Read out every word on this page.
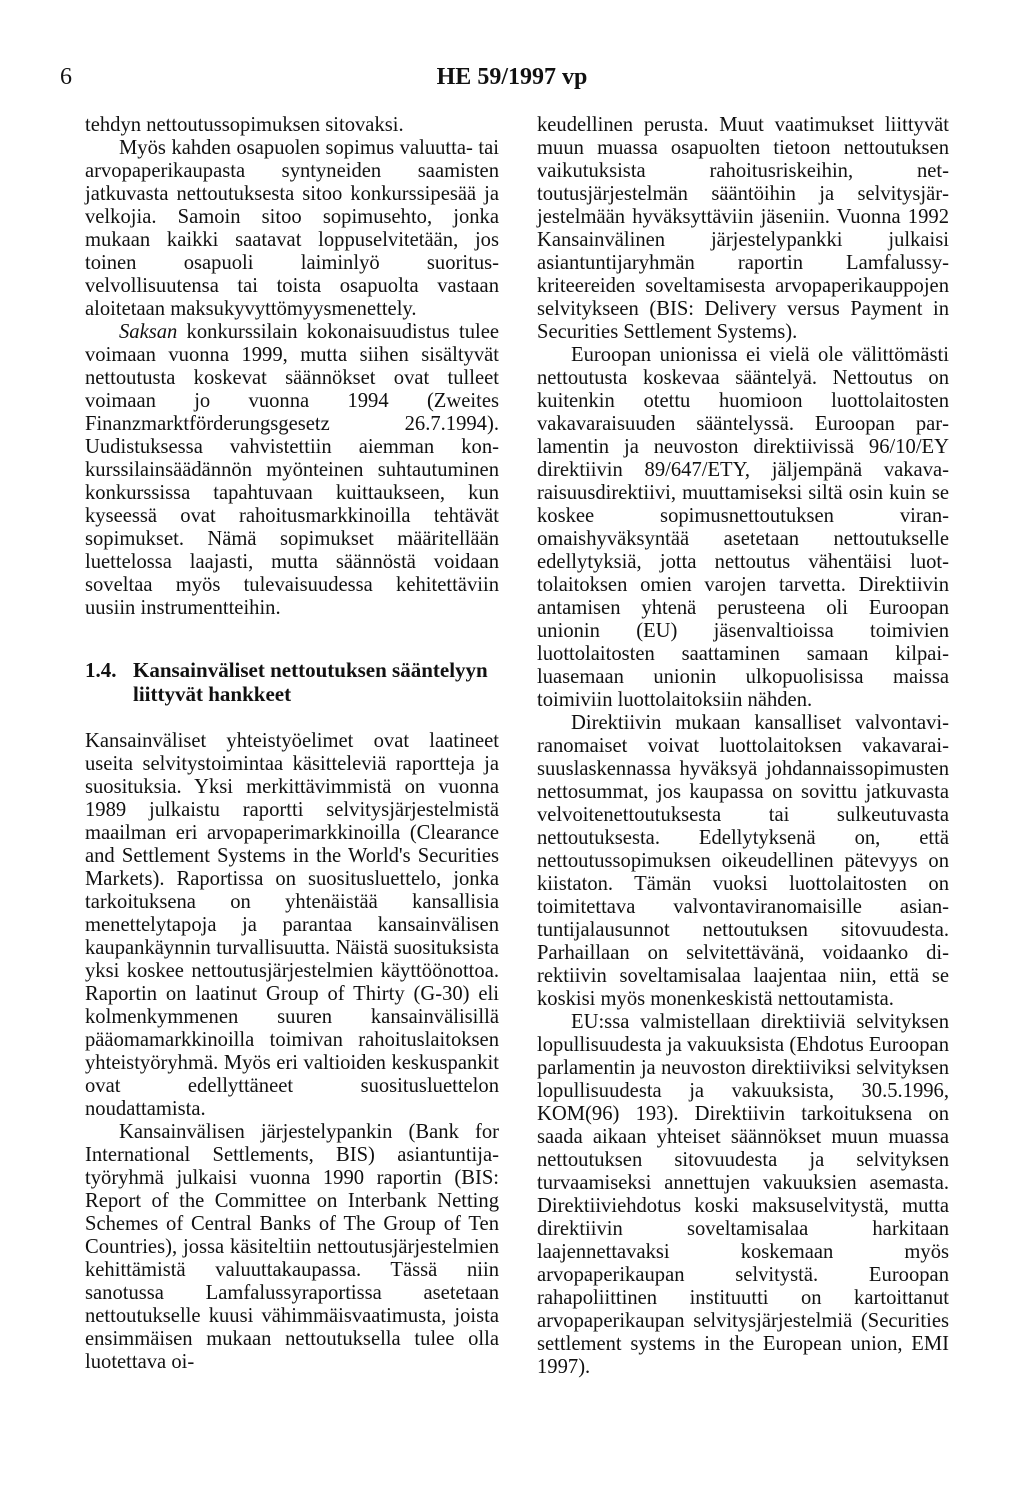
6	HE 59/1997 vp

tehdyn nettoutussopimuksen sitovaksi.

Myös kahden osapuolen sopimus valuutta- tai arvopaperikaupasta syntyneiden saamisten jatkuvasta nettoutuksesta sitoo konkurssipesää ja velkojia. Samoin sitoo sopimusehto, jonka mukaan kaikki saatavat loppuselvitetään, jos toinen osapuoli laiminlyö suoritusvelvollisuutensa tai toista osapuolta vastaan aloitetaan maksukyvyttömyysmenettely.

Saksan konkurssilain kokonaisuudistus tulee voimaan vuonna 1999, mutta siihen sisältyvät nettoutusta koskevat säännökset ovat tulleet voimaan jo vuonna 1994 (Zweites Finanzmarktförderungsgesetz 26.7.1994). Uudistuksessa vahvistettiin aiemman konkurssilainsäädännön myönteinen suhtautuminen konkurssissa tapahtuvaan kuittaukseen, kun kyseessä ovat rahoitusmarkkinoilla tehtävät sopimukset. Nämä sopimukset määritellään luettelossa laajasti, mutta säännöstä voidaan soveltaa myös tulevaisuudessa kehitettäviin uusiin instrumentteihin.

1.4. Kansainväliset nettoutuksen sääntelyyn liittyvät hankkeet

Kansainväliset yhteistyöelimet ovat laatineet useita selvitystoimintaa käsitteleviä raportteja ja suosituksia. Yksi merkittävimmistä on vuonna 1989 julkaistu raportti selvitysjärjestelmistä maailman eri arvopaperimarkkinoilla (Clearance and Settlement Systems in the World's Securities Markets). Raportissa on suositusluettelo, jonka tarkoituksena on yhtenäistää kansallisia menettelytapoja ja parantaa kansainvälisen kaupankäynnin turvallisuutta. Näistä suosituksista yksi koskee nettoutusjärjestelmien käyttöönottoa. Raportin on laatinut Group of Thirty (G-30) eli kolmenkymmenen suuren kansainvälisillä pääomamarkkinoilla toimivan rahoituslaitoksen yhteistyöryhmä. Myös eri valtioiden keskuspankit ovat edellyttäneet suositusluettelon noudattamista.

Kansainvälisen järjestelypankin (Bank for International Settlements, BIS) asiantuntijatyöryhmä julkaisi vuonna 1990 raportin (BIS: Report of the Committee on Interbank Netting Schemes of Central Banks of The Group of Ten Countries), jossa käsiteltiin nettoutusjärjestelmien kehittämistä valuuttakaupassa. Tässä niin sanotussa Lamfalussyraportissa asetetaan nettoutukselle kuusi vähimmäisvaatimusta, joista ensimmäisen mukaan nettoutuksella tulee olla luotettava oi-

keudellinen perusta. Muut vaatimukset liittyvät muun muassa osapuolten tietoon nettoutuksen vaikutuksista rahoitusriskeihin, nettoutusjärjestelmän sääntöihin ja selvitysjärjestelmään hyväksyttäviin jäseniin. Vuonna 1992 Kansainvälinen järjestelypankki julkaisi asiantuntijaryhmän raportin Lamfalussykriteereiden soveltamisesta arvopaperikauppojen selvitykseen (BIS: Delivery versus Payment in Securities Settlement Systems).

Euroopan unionissa ei vielä ole välittömästi nettoutusta koskevaa sääntelyä. Nettoutus on kuitenkin otettu huomioon luottolaitosten vakavaraisuuden sääntelyssä. Euroopan parlamentin ja neuvoston direktiivissä 96/10/EY direktiivin 89/647/ETY, jäljempänä vakavaraisuusdirektiivi, muuttamiseksi siltä osin kuin se koskee sopimusnettoutuksen viranomaishyväksyntää asetetaan nettoutukselle edellytyksiä, jotta nettoutus vähentäisi luottolaitoksen omien varojen tarvetta. Direktiivin antamisen yhtenä perusteena oli Euroopan unionin (EU) jäsenvaltioissa toimivien luottolaitosten saattaminen samaan kilpailuasemaan unionin ulkopuolisissa maissa toimiviin luottolaitoksiin nähden.

Direktiivin mukaan kansalliset valvontaviranomaiset voivat luottolaitoksen vakavaraisuuslaskennassa hyväksyä johdannaissopimusten nettosummat, jos kaupassa on sovittu jatkuvasta velvoitenettoutuksesta tai sulkeutuvasta nettoutuksesta. Edellytyksenä on, että nettoutussopimuksen oikeudellinen pätevyys on kiistaton. Tämän vuoksi luottolaitosten on toimitettava valvontaviranomaisille asiantuntijalausunnot nettoutuksen sitovuudesta. Parhaillaan on selvitettävänä, voidaanko direktiivin soveltamisalaa laajentaa niin, että se koskisi myös monenkeskistä nettoutamista.

EU:ssa valmistellaan direktiiviä selvityksen lopullisuudesta ja vakuuksista (Ehdotus Euroopan parlamentin ja neuvoston direktiiviksi selvityksen lopullisuudesta ja vakuuksista, 30.5.1996, KOM(96) 193). Direktiivin tarkoituksena on saada aikaan yhteiset säännökset muun muassa nettoutuksen sitovuudesta ja selvityksen turvaamiseksi annettujen vakuuksien asemasta. Direktiiviehdotus koski maksuselvitystä, mutta direktiivin soveltamisalaa harkitaan laajennettavaksi koskemaan myös arvopaperikaupan selvitystä. Euroopan rahapoliittinen instituutti on kartoittanut arvopaperikaupan selvitysjärjestelmiä (Securities settlement systems in the European union, EMI 1997).
